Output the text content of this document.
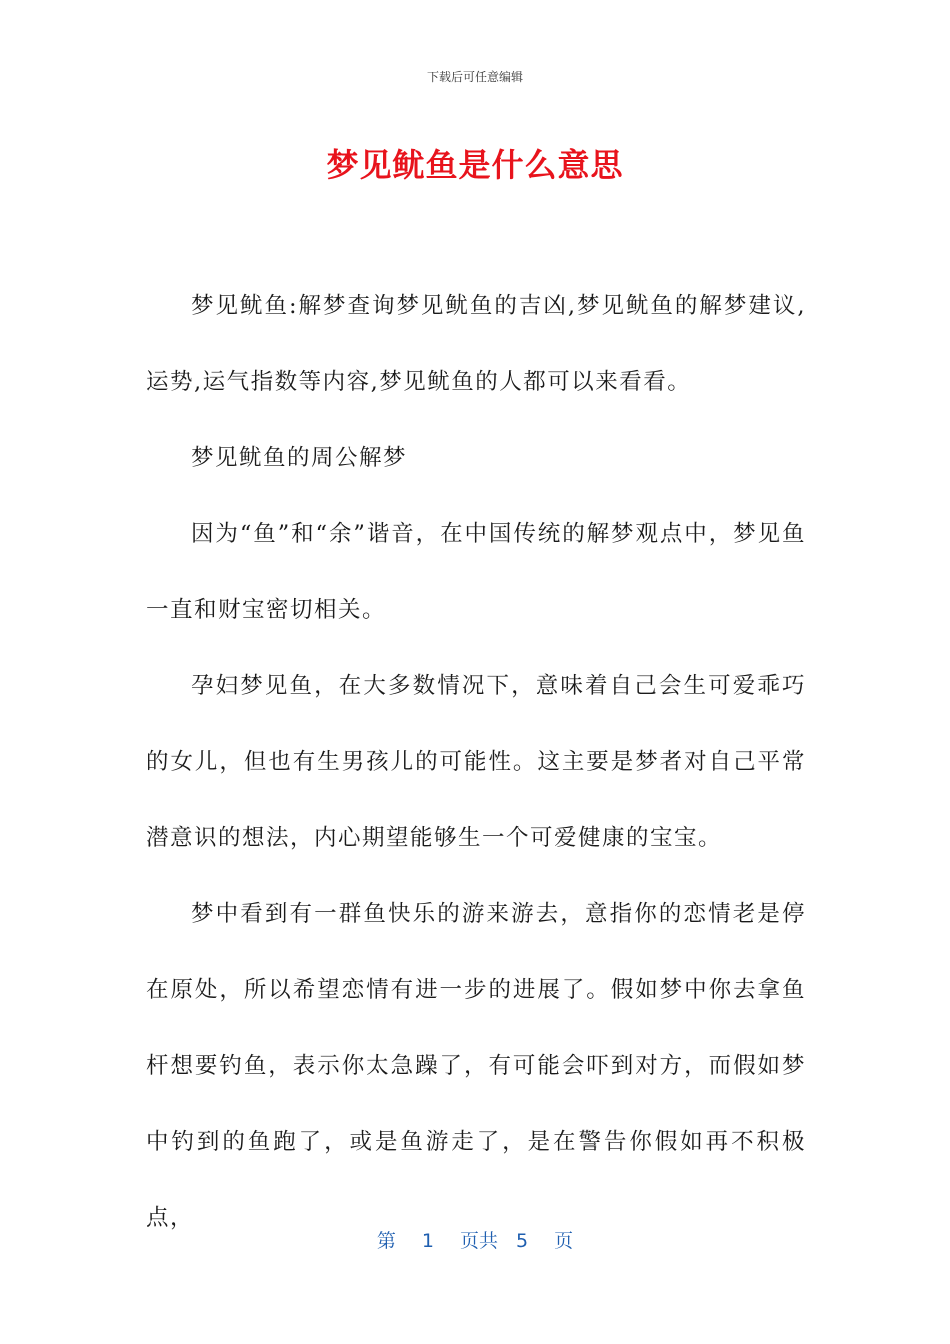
下载后可任意编辑
梦见鱿鱼是什么意思

梦见鱿鱼:解梦查询梦见鱿鱼的吉凶,梦见鱿鱼的解梦建议,运势,运气指数等内容,梦见鱿鱼的人都可以来看看。

梦见鱿鱼的周公解梦

因为“鱼”和“余”谐音，在中国传统的解梦观点中，梦见鱼一直和财宝密切相关。

孕妇梦见鱼，在大多数情况下，意味着自己会生可爱乖巧的女儿，但也有生男孩儿的可能性。这主要是梦者对自己平常潜意识的想法，内心期望能够生一个可爱健康的宝宝。

梦中看到有一群鱼快乐的游来游去，意指你的恋情老是停在原处，所以希望恋情有进一步的进展了。假如梦中你去拿鱼杆想要钓鱼，表示你太急躁了，有可能会吓到对方，而假如梦中钓到的鱼跑了，或是鱼游走了，是在警告你假如再不积极点，

第 1 页共 5 页
